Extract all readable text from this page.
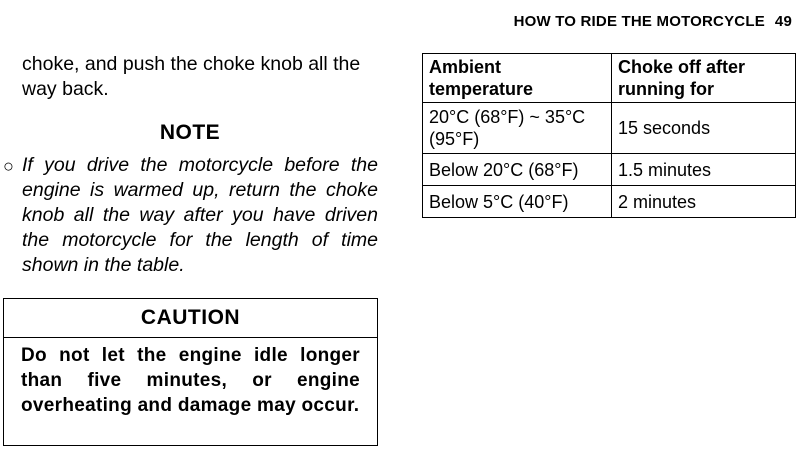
HOW TO RIDE THE MOTORCYCLE 49
choke, and push the choke knob all the way back.
NOTE
○ If you drive the motorcycle before the engine is warmed up, return the choke knob all the way after you have driven the motorcycle for the length of time shown in the table.
CAUTION
Do not let the engine idle longer than five minutes, or engine overheating and damage may occur.
Ambient temperature	Choke off after running for
20°C (68°F) ~ 35°C (95°F)	15 seconds
Below 20°C (68°F)	1.5 minutes
Below 5°C (40°F)	2 minutes
